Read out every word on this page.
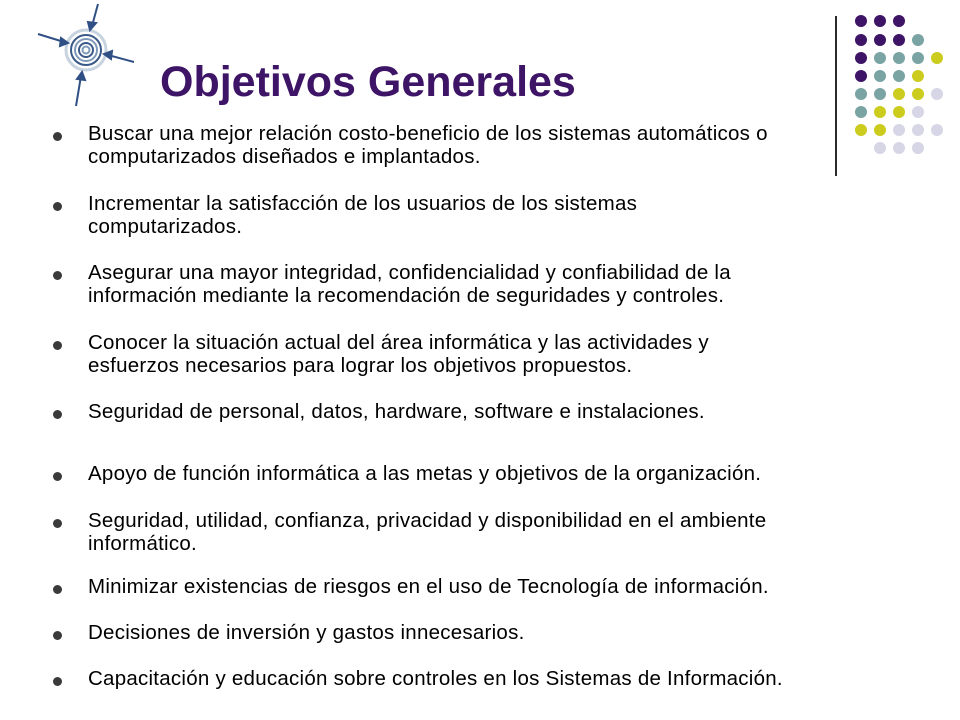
Objetivos Generales
Buscar una mejor relación costo-beneficio de los sistemas automáticos o
computarizados diseñados e implantados.
Incrementar la satisfacción de los usuarios de los sistemas
computarizados.
Asegurar una mayor integridad, confidencialidad y confiabilidad de la
información mediante la recomendación de seguridades y controles.
Conocer la situación actual del área informática y las actividades y
esfuerzos necesarios para lograr los objetivos propuestos.
Seguridad de personal, datos, hardware, software e instalaciones.
Apoyo de función informática a las metas y objetivos de la organización.
Seguridad, utilidad, confianza, privacidad y disponibilidad en el ambiente
informático.
Minimizar existencias de riesgos en el uso de Tecnología de información.
Decisiones de inversión y gastos innecesarios.
Capacitación y educación sobre controles en los Sistemas de Información.
